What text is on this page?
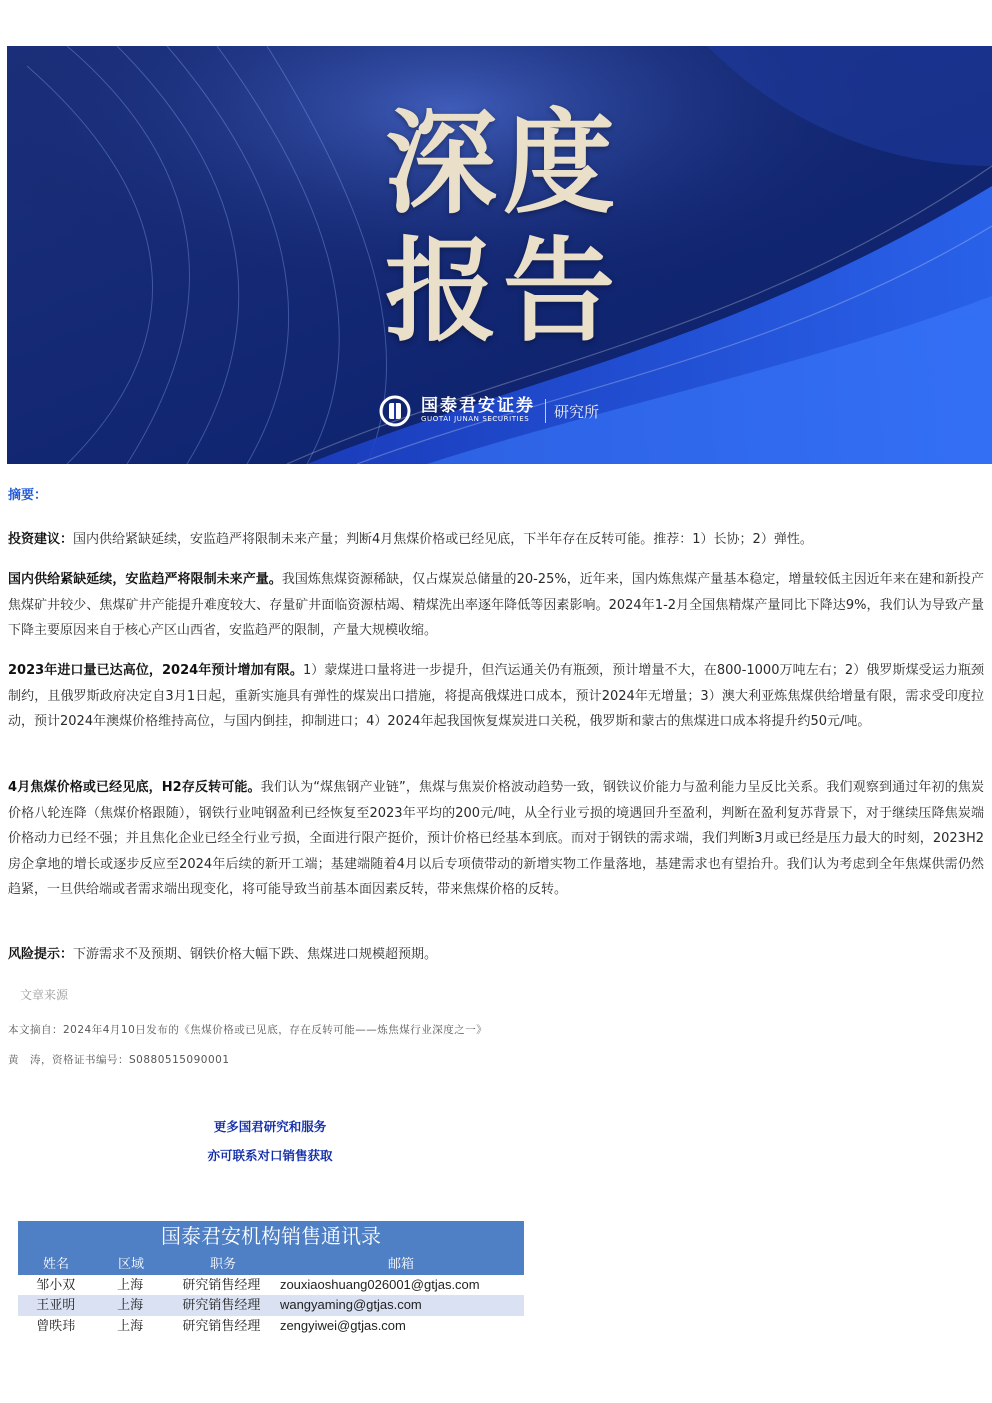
深度
报告
国泰君安证券
GUOTAI JUNAN SECURITIES	研究所
摘要：

投资建议：国内供给紧缺延续，安监趋严将限制未来产量；判断4月焦煤价格或已经见底，下半年存在反转可能。推荐：1）长协；2）弹性。

国内供给紧缺延续，安监趋严将限制未来产量。我国炼焦煤资源稀缺，仅占煤炭总储量的20-25%，近年来，国内炼焦煤产量基本稳定，增量较低主因近年来在建和新投产焦煤矿井较少、焦煤矿井产能提升难度较大、存量矿井面临资源枯竭、精煤洗出率逐年降低等因素影响。2024年1-2月全国焦精煤产量同比下降达9%，我们认为导致产量下降主要原因来自于核心产区山西省，安监趋严的限制，产量大规模收缩。

2023年进口量已达高位，2024年预计增加有限。1）蒙煤进口量将进一步提升，但汽运通关仍有瓶颈，预计增量不大，在800-1000万吨左右；2）俄罗斯煤受运力瓶颈制约，且俄罗斯政府决定自3月1日起，重新实施具有弹性的煤炭出口措施，将提高俄煤进口成本，预计2024年无增量；3）澳大利亚炼焦煤供给增量有限，需求受印度拉动，预计2024年澳煤价格维持高位，与国内倒挂，抑制进口；4）2024年起我国恢复煤炭进口关税，俄罗斯和蒙古的焦煤进口成本将提升约50元/吨。

4月焦煤价格或已经见底，H2存反转可能。我们认为“煤焦钢产业链”，焦煤与焦炭价格波动趋势一致，钢铁议价能力与盈利能力呈反比关系。我们观察到通过年初的焦炭价格八轮连降（焦煤价格跟随），钢铁行业吨钢盈利已经恢复至2023年平均的200元/吨，从全行业亏损的境遇回升至盈利，判断在盈利复苏背景下，对于继续压降焦炭端价格动力已经不强；并且焦化企业已经全行业亏损，全面进行限产挺价，预计价格已经基本到底。而对于钢铁的需求端，我们判断3月或已经是压力最大的时刻，2023H2房企拿地的增长或逐步反应至2024年后续的新开工端；基建端随着4月以后专项债带动的新增实物工作量落地，基建需求也有望抬升。我们认为考虑到全年焦煤供需仍然趋紧，一旦供给端或者需求端出现变化，将可能导致当前基本面因素反转，带来焦煤价格的反转。

风险提示：下游需求不及预期、钢铁价格大幅下跌、焦煤进口规模超预期。

文章来源
本文摘自：2024年4月10日发布的《焦煤价格或已见底，存在反转可能——炼焦煤行业深度之一》
黄　涛，资格证书编号：S0880515090001
更多国君研究和服务
亦可联系对口销售获取
国泰君安机构销售通讯录
姓名	区域	职务	邮箱
邹小双	上海	研究销售经理	zouxiaoshuang026001@gtjas.com
王亚明	上海	研究销售经理	wangyaming@gtjas.com
曾昳玮	上海	研究销售经理	zengyiwei@gtjas.com
